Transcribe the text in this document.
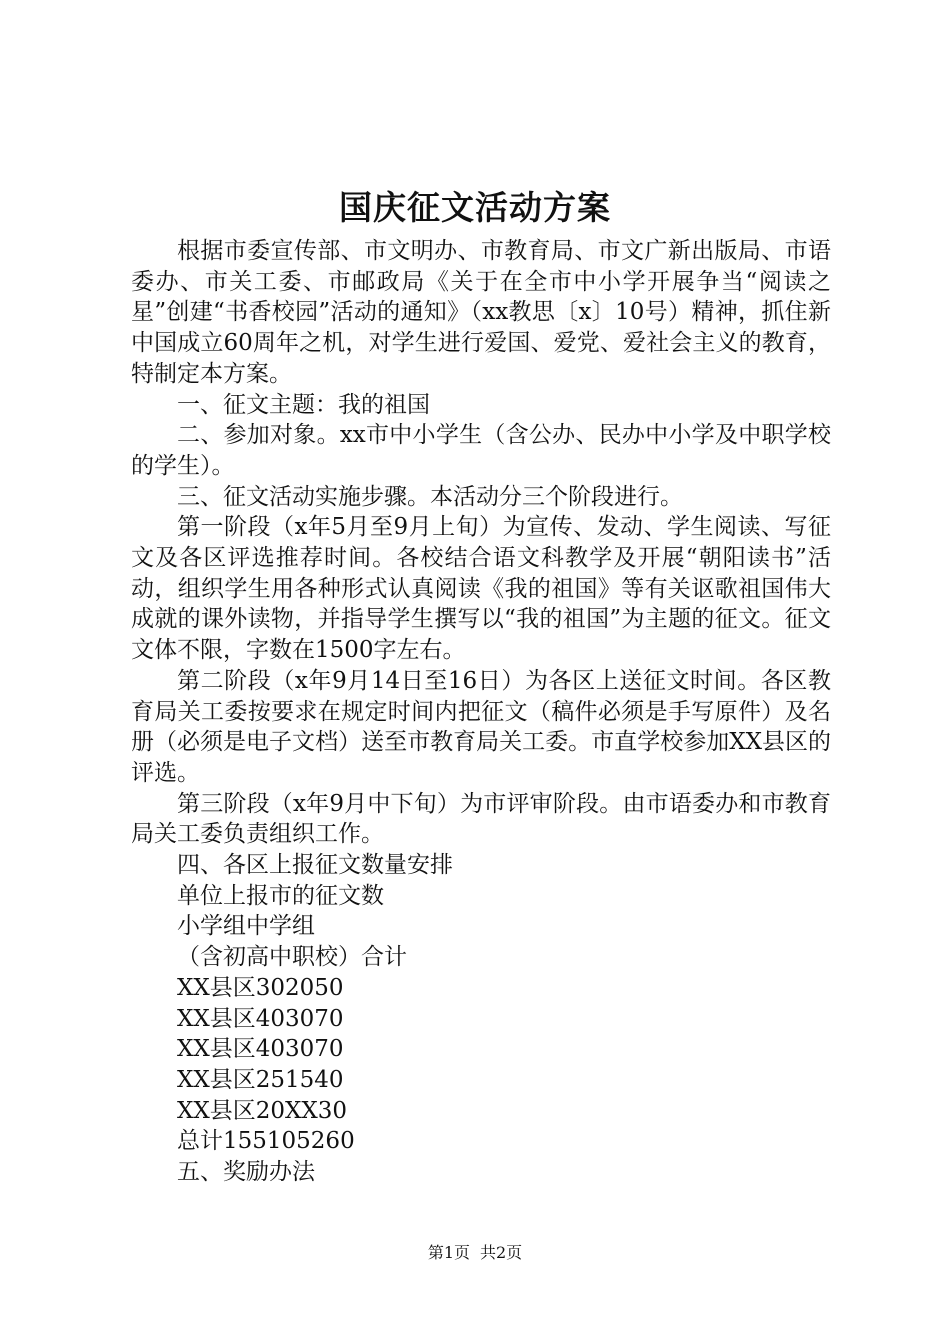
国庆征文活动方案

根据市委宣传部、市文明办、市教育局、市文广新出版局、市语委办、市关工委、市邮政局《关于在全市中小学开展争当“阅读之星”创建“书香校园”活动的通知》（xx教思〔x〕10号）精神，抓住新中国成立60周年之机，对学生进行爱国、爱党、爱社会主义的教育，特制定本方案。

一、征文主题：我的祖国

二、参加对象。xx市中小学生（含公办、民办中小学及中职学校的学生）。

三、征文活动实施步骤。本活动分三个阶段进行。

第一阶段（x年5月至9月上旬）为宣传、发动、学生阅读、写征文及各区评选推荐时间。各校结合语文科教学及开展“朝阳读书”活动，组织学生用各种形式认真阅读《我的祖国》等有关讴歌祖国伟大成就的课外读物，并指导学生撰写以“我的祖国”为主题的征文。征文文体不限，字数在1500字左右。

第二阶段（x年9月14日至16日）为各区上送征文时间。各区教育局关工委按要求在规定时间内把征文（稿件必须是手写原件）及名册（必须是电子文档）送至市教育局关工委。市直学校参加XX县区的评选。

第三阶段（x年9月中下旬）为市评审阶段。由市语委办和市教育局关工委负责组织工作。

四、各区上报征文数量安排

单位上报市的征文数

小学组中学组

（含初高中职校）合计

XX县区302050

XX县区403070

XX县区403070

XX县区251540

XX县区20XX30

总计155105260

五、奖励办法

第1页 共2页
